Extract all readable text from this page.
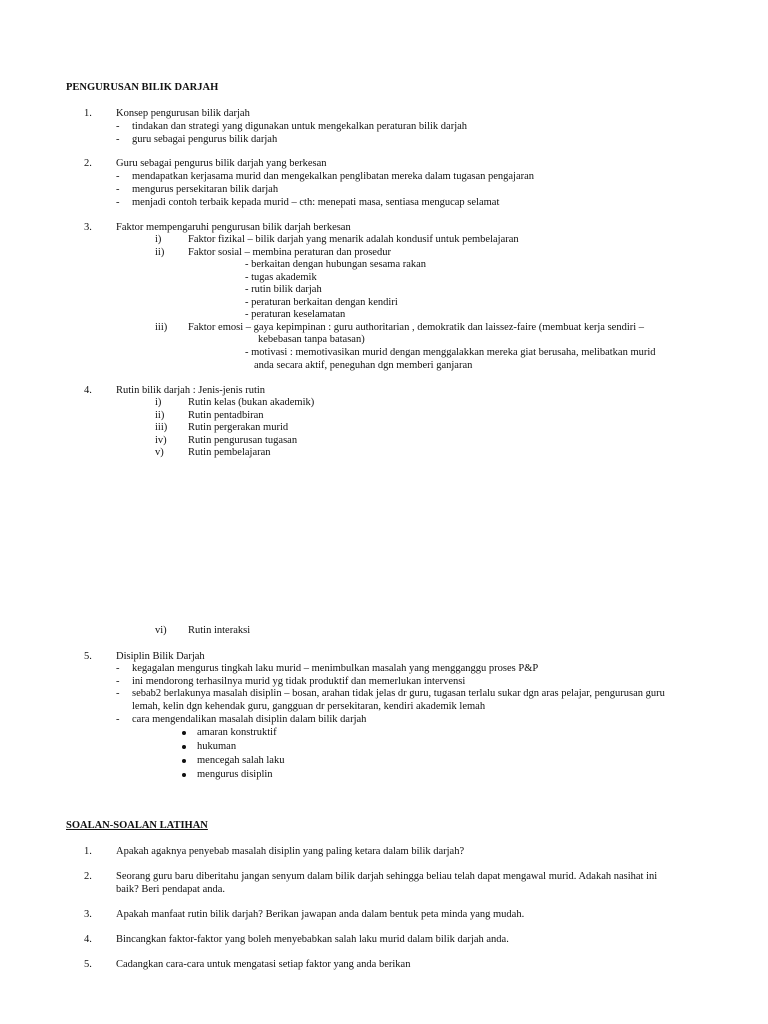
PENGURUSAN BILIK DARJAH
1. Konsep pengurusan bilik darjah
- tindakan dan strategi yang digunakan untuk mengekalkan peraturan bilik darjah
- guru sebagai pengurus bilik darjah
2. Guru sebagai pengurus bilik darjah yang berkesan
- mendapatkan kerjasama murid dan mengekalkan penglibatan mereka dalam tugasan pengajaran
- mengurus persekitaran bilik darjah
- menjadi contoh terbaik kepada murid – cth: menepati masa, sentiasa mengucap selamat
3. Faktor mempengaruhi pengurusan bilik darjah berkesan
i)	Faktor fizikal – bilik darjah yang menarik adalah kondusif untuk pembelajaran
ii) Faktor sosial – membina peraturan dan prosedur
- berkaitan dengan hubungan sesama rakan
- tugas akademik
- rutin bilik darjah
- peraturan berkaitan dengan kendiri
- peraturan keselamatan
iii) Faktor emosi – gaya kepimpinan : guru authoritarian , demokratik dan laissez-faire (membuat kerja sendiri –
kebebasan tanpa batasan)
- motivasi : memotivasikan murid dengan menggalakkan mereka giat berusaha, melibatkan murid
anda secara aktif, peneguhan dgn memberi ganjaran
4. Rutin bilik darjah : Jenis-jenis rutin
i)	Rutin kelas (bukan akademik)
ii) Rutin pentadbiran
iii) Rutin pergerakan murid
iv) Rutin pengurusan tugasan
v) Rutin pembelajaran
vi) Rutin interaksi
5. Disiplin Bilik Darjah
- kegagalan mengurus tingkah laku murid – menimbulkan masalah yang mengganggu proses P&P
- ini mendorong terhasilnya murid yg tidak produktif dan memerlukan intervensi
- sebab2 berlakunya masalah disiplin – bosan, arahan tidak jelas dr guru, tugasan terlalu sukar dgn aras pelajar, pengurusan guru
lemah, kelin dgn kehendak guru, gangguan dr persekitaran, kendiri akademik lemah
- cara mengendalikan masalah disiplin dalam bilik darjah
amaran konstruktif
hukuman
mencegah salah laku
mengurus disiplin
SOALAN-SOALAN LATIHAN
1. Apakah agaknya penyebab masalah disiplin yang paling ketara dalam bilik darjah?
2. Seorang guru baru diberitahu jangan senyum dalam bilik darjah sehingga beliau telah dapat mengawal murid. Adakah nasihat ini
baik? Beri pendapat anda.
3. Apakah manfaat rutin bilik darjah? Berikan jawapan anda dalam bentuk peta minda yang mudah.
4. Bincangkan faktor-faktor yang boleh menyebabkan salah laku murid dalam bilik darjah anda.
5. Cadangkan cara-cara untuk mengatasi setiap faktor yang anda berikan
